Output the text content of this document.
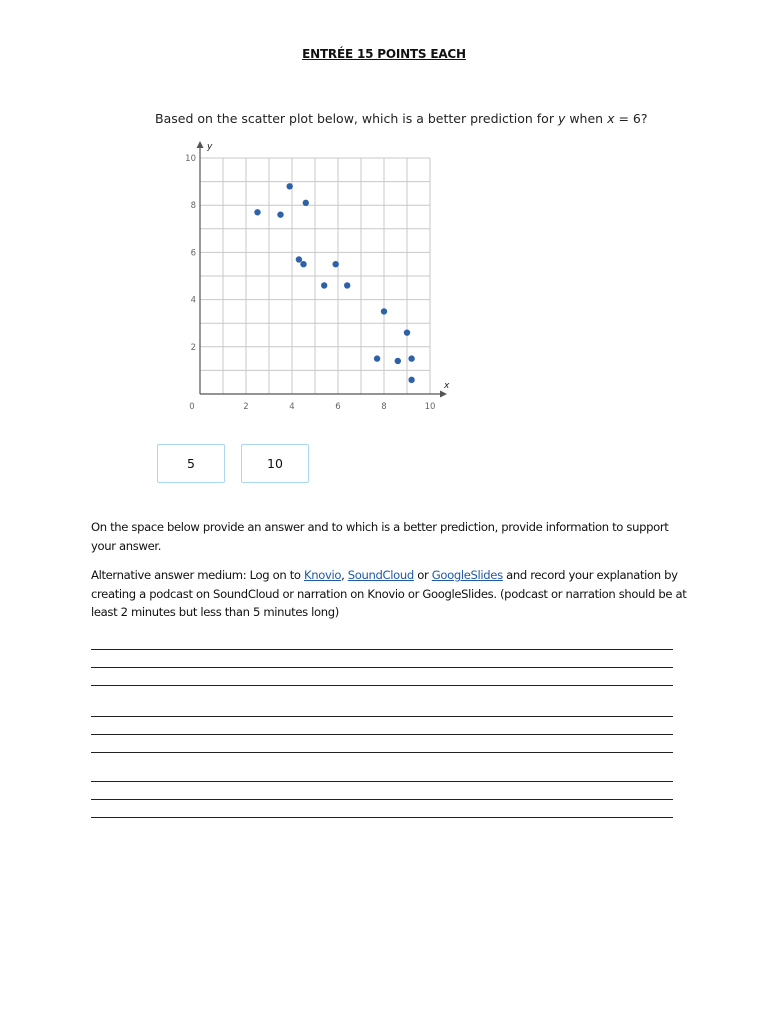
ENTRÉE 15 POINTS EACH
Based on the scatter plot below, which is a better prediction for y when x = 6?
x
y
0	2	4	6	8	10
2
4
6
8
10
5	10
On the space below provide an answer and to which is a better prediction, provide information to support your answer.
Alternative answer medium: Log on to Knovio, SoundCloud or GoogleSlides and record your explanation by creating a podcast on SoundCloud or narration on Knovio or GoogleSlides. (podcast or narration should be at least 2 minutes but less than 5 minutes long)
